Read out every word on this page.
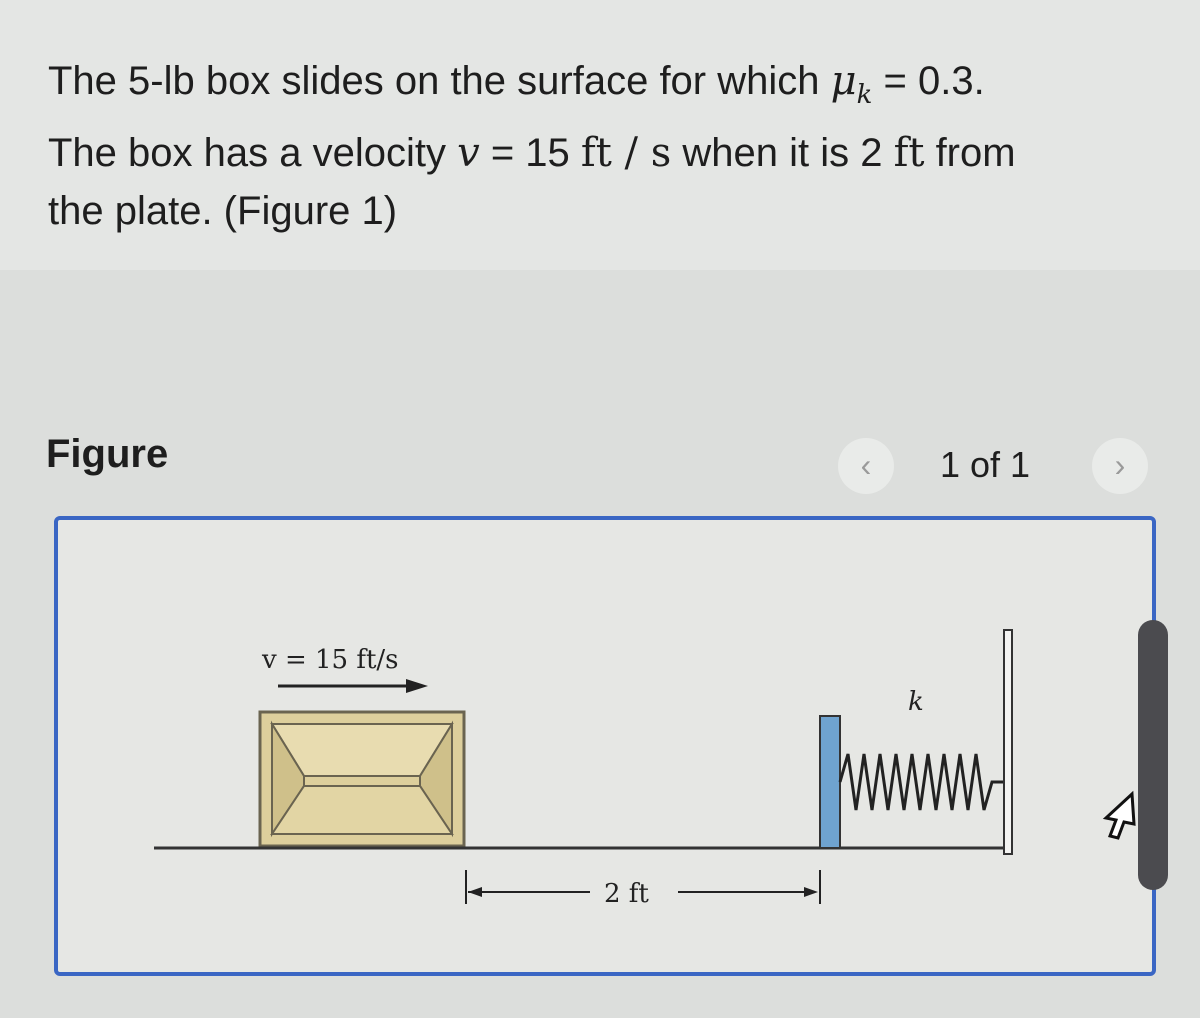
The 5-lb box slides on the surface for which $\mu_k = 0.3$.
The box has a velocity v = 15 ft / s when it is 2 ft from
the plate. (Figure 1)

Figure	‹	1 of 1	›
v = 15 ft/s
k
2 ft
